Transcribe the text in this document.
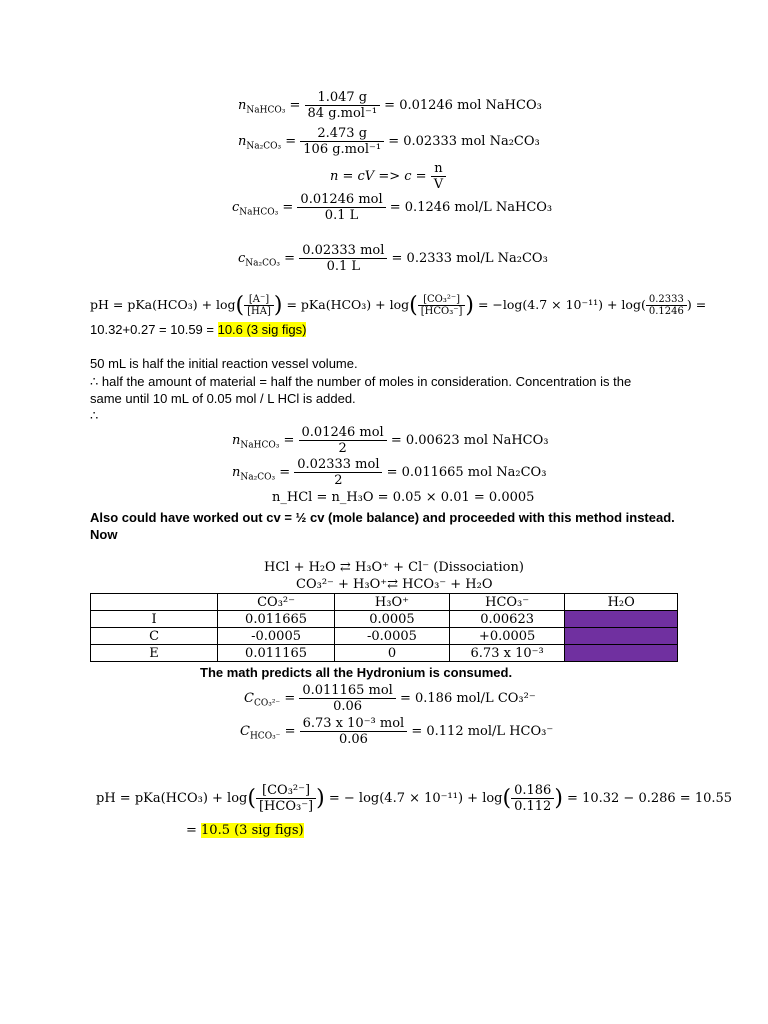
$n_{NaHCO_3} = \frac{1.047 g}{\text{84 g.mol⁻¹}} = 0.01246$ mol NaHCO₃
$n_{Na_2CO_3} = \frac{2.473 g}{\text{106 g.mol⁻¹}} = 0.02333$ mol Na₂CO₃
n = cV => $c = \frac{n}{V}$
$c_{NaHCO_3} = \frac{\text{0.01246 mol}}{0.1 L} = 0.1246$ mol/L NaHCO₃
$c_{Na_2CO_3} = \frac{\text{0.02333 mol}}{0.1 L} = 0.2333$ mol/L Na₂CO₃
pH = $pKa(HCO_3) + \log( \frac{[A^-]}{[HA]}$ ) = $pKa(HCO_3) + \log( \frac{\text{[CO₃²⁻]}}{\text{[HCO₃⁻]}}$ ) = $-\log(4.7 \times 10^{-11}) + \log( \frac{0.2333}{0.1246}$ ) =
10.32+0.27 = 10.59 = 10.6 (3 sig figs)
50 mL is half the initial reaction vessel volume.
∴ half the amount of material = half the number of moles in consideration. Concentration is the
same until 10 mL of 0.05 mol / L HCl is added.
∴
$n_{NaHCO_3} = \frac{\text{0.01246 mol}}{2} = 0.00623$ mol NaHCO₃
$n_{Na_2CO_3} = \frac{\text{0.02333 mol}}{2} = 0.011665$ mol Na₂CO₃
n_HCl = n_H₃O = 0.05 × 0.01 = 0.0005
Also could have worked out cv = ½ cv (mole balance) and proceeded with this method instead.
Now
HCl + H₂O ⇄ H₃O⁺ + Cl⁻ (Dissociation)
CO₃²⁻ + H₃O⁺⇄ HCO₃⁻ + H₂O
	CO₃²⁻	H₃O⁺	HCO₃⁻	H₂O
I	0.011665	0.0005	0.00623	
C	-0.0005	-0.0005	+0.0005	
E	0.011165	0	6.73 x 10⁻³	
The math predicts all the Hydronium is consumed.
$C_{CO_3^{2-}} = \frac{\text{0.011165 mol}}{0.06} = 0.186$ mol/L CO₃²⁻
$C_{HCO_3^-} = \frac{\text{6.73 x 10⁻³ mol}}{0.06} = 0.112$ mol/L HCO₃⁻
pH = $pKa(HCO_3) + \log( \frac{\text{[CO₃²⁻]}}{\text{[HCO₃⁻]}}$ ) = − $\log(4.7 \times 10^{-11}) + \log( \frac{0.186}{0.112}$ ) = 10.32 − 0.286 = 10.55
= 10.5 (3 sig figs)
